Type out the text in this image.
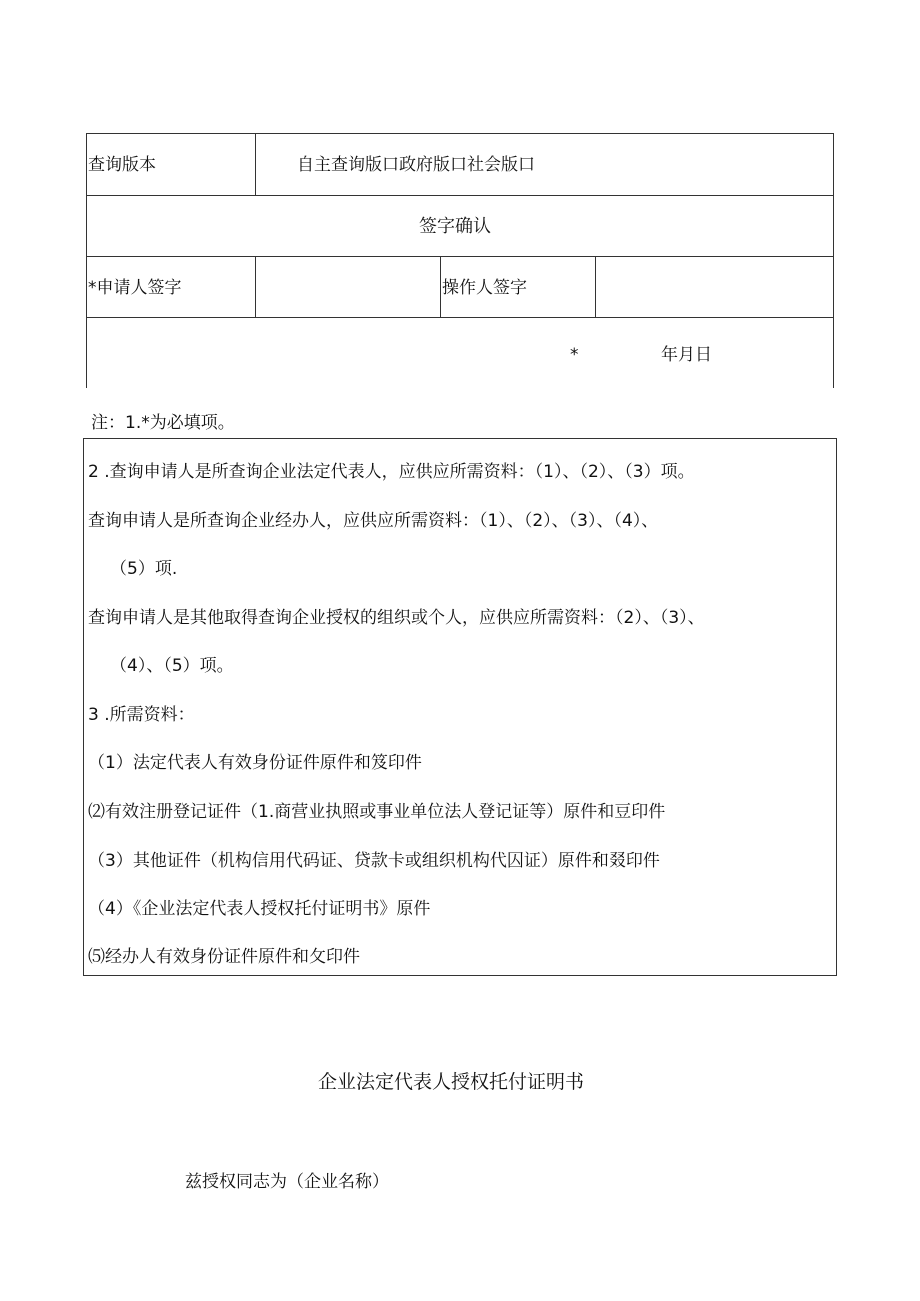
查询版本	自主查询版口政府版口社会版口
签字确认
*申请人签字	操作人签字
*	年月日
注：1.*为必填项。
2 .查询申请人是所查询企业法定代表人，应供应所需资料：（1）、（2）、（3）项。
查询申请人是所查询企业经办人，应供应所需资料：（1）、（2）、（3）、（4）、
（5）项.
查询申请人是其他取得查询企业授权的组织或个人，应供应所需资料：（2）、（3）、
（4）、（5）项。
3 .所需资料：
（1）法定代表人有效身份证件原件和笈印件
⑵有效注册登记证件（1.商营业执照或事业单位法人登记证等）原件和豆印件
（3）其他证件（机构信用代码证、贷款卡或组织机构代囚证）原件和叕印件
（4）《企业法定代表人授权托付证明书》原件
⑸经办人有效身份证件原件和攵印件
企业法定代表人授权托付证明书
兹授权同志为（企业名称）
